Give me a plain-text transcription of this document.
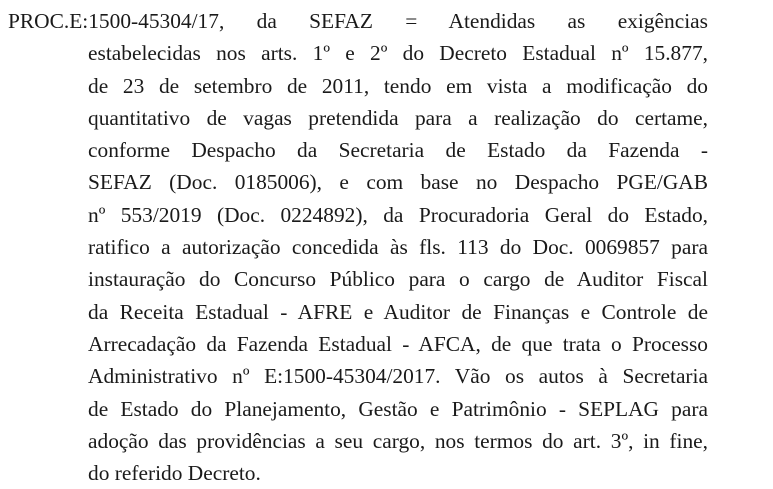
PROC.E:1500-45304/17, da SEFAZ = Atendidas as exigências
estabelecidas nos arts. 1º e 2º do Decreto Estadual nº 15.877,
de 23 de setembro de 2011, tendo em vista a modificação do
quantitativo de vagas pretendida para a realização do certame,
conforme Despacho da Secretaria de Estado da Fazenda -
SEFAZ (Doc. 0185006), e com base no Despacho PGE/GAB
nº 553/2019 (Doc. 0224892), da Procuradoria Geral do Estado,
ratifico a autorização concedida às fls. 113 do Doc. 0069857 para
instauração do Concurso Público para o cargo de Auditor Fiscal
da Receita Estadual - AFRE e Auditor de Finanças e Controle de
Arrecadação da Fazenda Estadual - AFCA, de que trata o Processo
Administrativo nº E:1500-45304/2017. Vão os autos à Secretaria
de Estado do Planejamento, Gestão e Patrimônio - SEPLAG para
adoção das providências a seu cargo, nos termos do art. 3º, in fine,
do referido Decreto.
